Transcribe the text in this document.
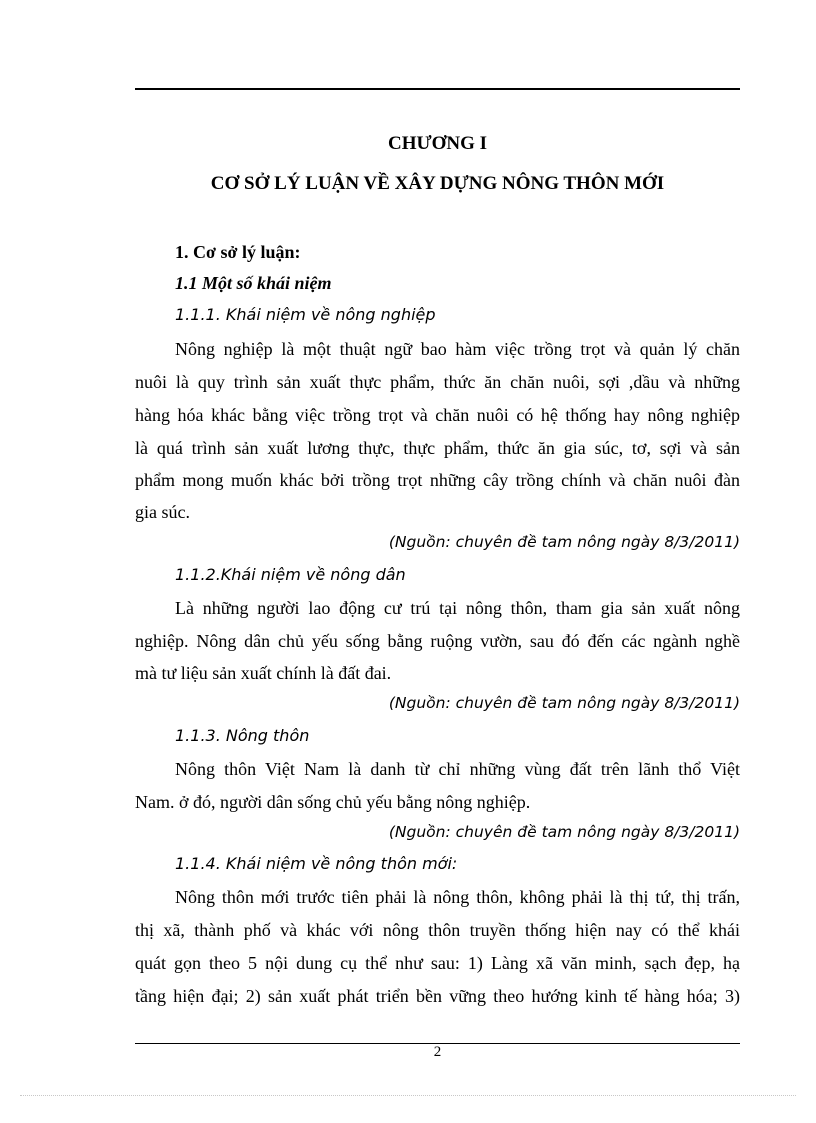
CHƯƠNG I
CƠ SỞ LÝ LUẬN VỀ XÂY DỰNG NÔNG THÔN MỚI
1. Cơ sở lý luận:
1.1 Một số khái niệm
1.1.1. Khái niệm về nông nghiệp
Nông nghiệp là một thuật ngữ bao hàm việc trồng trọt và quản lý chăn
nuôi là quy trình sản xuất thực phẩm, thức ăn chăn nuôi, sợi ,dầu và những
hàng hóa khác bằng việc trồng trọt và chăn nuôi có hệ thống hay nông nghiệp
là quá trình sản xuất lương thực, thực phẩm, thức ăn gia súc, tơ, sợi và sản
phẩm mong muốn khác bởi trồng trọt những cây trồng chính và chăn nuôi đàn
gia súc.
(Nguồn: chuyên đề tam nông ngày 8/3/2011)
1.1.2.Khái niệm về nông dân
Là những người lao động cư trú tại nông thôn, tham gia sản xuất nông
nghiệp. Nông dân chủ yếu sống bằng ruộng vườn, sau đó đến các ngành nghề
mà tư liệu sản xuất chính là đất đai.
(Nguồn: chuyên đề tam nông ngày 8/3/2011)
1.1.3. Nông thôn
Nông thôn Việt Nam là danh từ chỉ những vùng đất trên lãnh thổ Việt
Nam. ở đó, người dân sống chủ yếu bằng nông nghiệp.
(Nguồn: chuyên đề tam nông ngày 8/3/2011)
1.1.4. Khái niệm về nông thôn mới:
Nông thôn mới trước tiên phải là nông thôn, không phải là thị tứ, thị trấn,
thị xã, thành phố và khác với nông thôn truyền thống hiện nay có thể khái
quát gọn theo 5 nội dung cụ thể như sau: 1) Làng xã văn minh, sạch đẹp, hạ
tầng hiện đại; 2) sản xuất phát triển bền vững theo hướng kinh tế hàng hóa; 3)
2
